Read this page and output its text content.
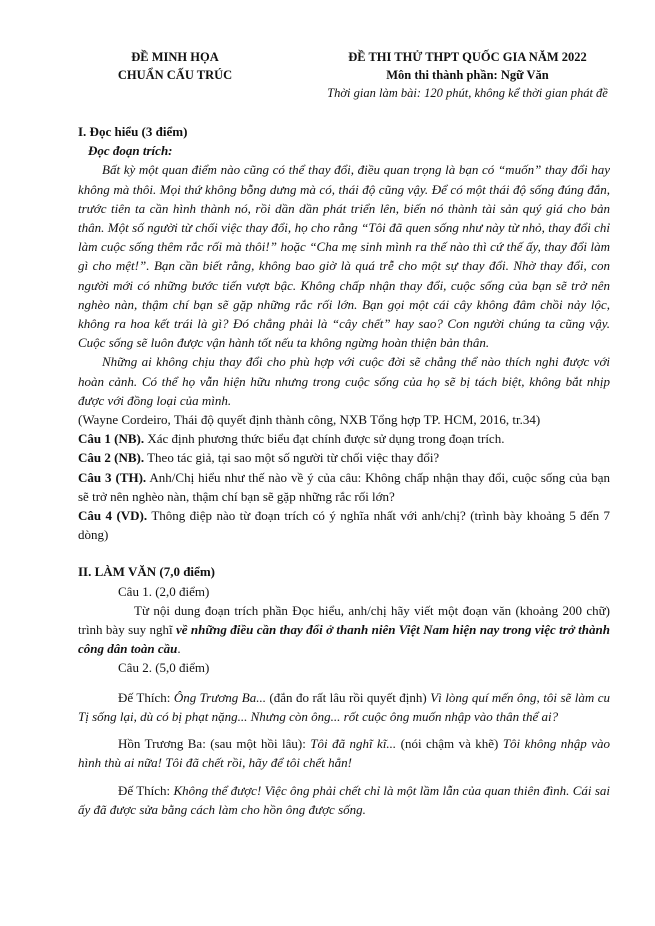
ĐỀ MINH HỌA
CHUẨN CẤU TRÚC
ĐỀ THI THỬ THPT QUỐC GIA NĂM 2022
Môn thi thành phần: Ngữ Văn
Thời gian làm bài: 120 phút, không kể thời gian phát đề

I. Đọc hiểu (3 điểm)

Đọc đoạn trích:

Bất kỳ một quan điểm nào cũng có thể thay đổi, điều quan trọng là bạn có “muốn” thay đổi hay không mà thôi. Mọi thứ không bỗng dưng mà có, thái độ cũng vậy. Để có một thái độ sống đúng đắn, trước tiên ta cần hình thành nó, rồi dần dần phát triển lên, biến nó thành tài sản quý giá cho bản thân. Một số người từ chối việc thay đổi, họ cho rằng “Tôi đã quen sống như này từ nhỏ, thay đổi chỉ làm cuộc sống thêm rắc rối mà thôi!” hoặc “Cha mẹ sinh mình ra thế nào thì cứ thế ấy, thay đổi làm gì cho mệt!”. Bạn cần biết rằng, không bao giờ là quá trễ cho một sự thay đổi. Nhờ thay đổi, con người mới có những bước tiến vượt bậc. Không chấp nhận thay đổi, cuộc sống của bạn sẽ trở nên nghèo nàn, thậm chí bạn sẽ gặp những rắc rối lớn. Bạn gọi một cái cây không đâm chồi nảy lộc, không ra hoa kết trái là gì? Đó chẳng phải là “cây chết” hay sao? Con người chúng ta cũng vậy. Cuộc sống sẽ luôn được vận hành tốt nếu ta không ngừng hoàn thiện bản thân.

Những ai không chịu thay đổi cho phù hợp với cuộc đời sẽ chẳng thể nào thích nghi được với hoàn cảnh. Có thể họ vẫn hiện hữu nhưng trong cuộc sống của họ sẽ bị tách biệt, không bắt nhịp được với đồng loại của mình.

(Wayne Cordeiro, Thái độ quyết định thành công, NXB Tổng hợp TP. HCM, 2016, tr.34)

Câu 1 (NB). Xác định phương thức biểu đạt chính được sử dụng trong đoạn trích.

Câu 2 (NB). Theo tác giả, tại sao một số người từ chối việc thay đổi?

Câu 3 (TH). Anh/Chị hiểu như thế nào về ý của câu: Không chấp nhận thay đổi, cuộc sống của bạn sẽ trở nên nghèo nàn, thậm chí bạn sẽ gặp những rắc rối lớn?

Câu 4 (VD). Thông điệp nào từ đoạn trích có ý nghĩa nhất với anh/chị? (trình bày khoảng 5 đến 7 dòng)

II. LÀM VĂN (7,0 điểm)

Câu 1. (2,0 điểm)

Từ nội dung đoạn trích phần Đọc hiểu, anh/chị hãy viết một đoạn văn (khoảng 200 chữ) trình bày suy nghĩ về những điều cần thay đổi ở thanh niên Việt Nam hiện nay trong việc trở thành công dân toàn cầu.

Câu 2. (5,0 điểm)

Đế Thích: Ông Trương Ba... (đắn đo rất lâu rồi quyết định) Vì lòng quí mến ông, tôi sẽ làm cu Tị sống lại, dù có bị phạt nặng... Nhưng còn ông... rốt cuộc ông muốn nhập vào thân thể ai?

Hồn Trương Ba: (sau một hồi lâu): Tôi đã nghĩ kĩ... (nói chậm và khẽ) Tôi không nhập vào hình thù ai nữa! Tôi đã chết rồi, hãy để tôi chết hẳn!

Đế Thích: Không thể được! Việc ông phải chết chỉ là một lầm lẫn của quan thiên đình. Cái sai ấy đã được sửa bằng cách làm cho hồn ông được sống.
